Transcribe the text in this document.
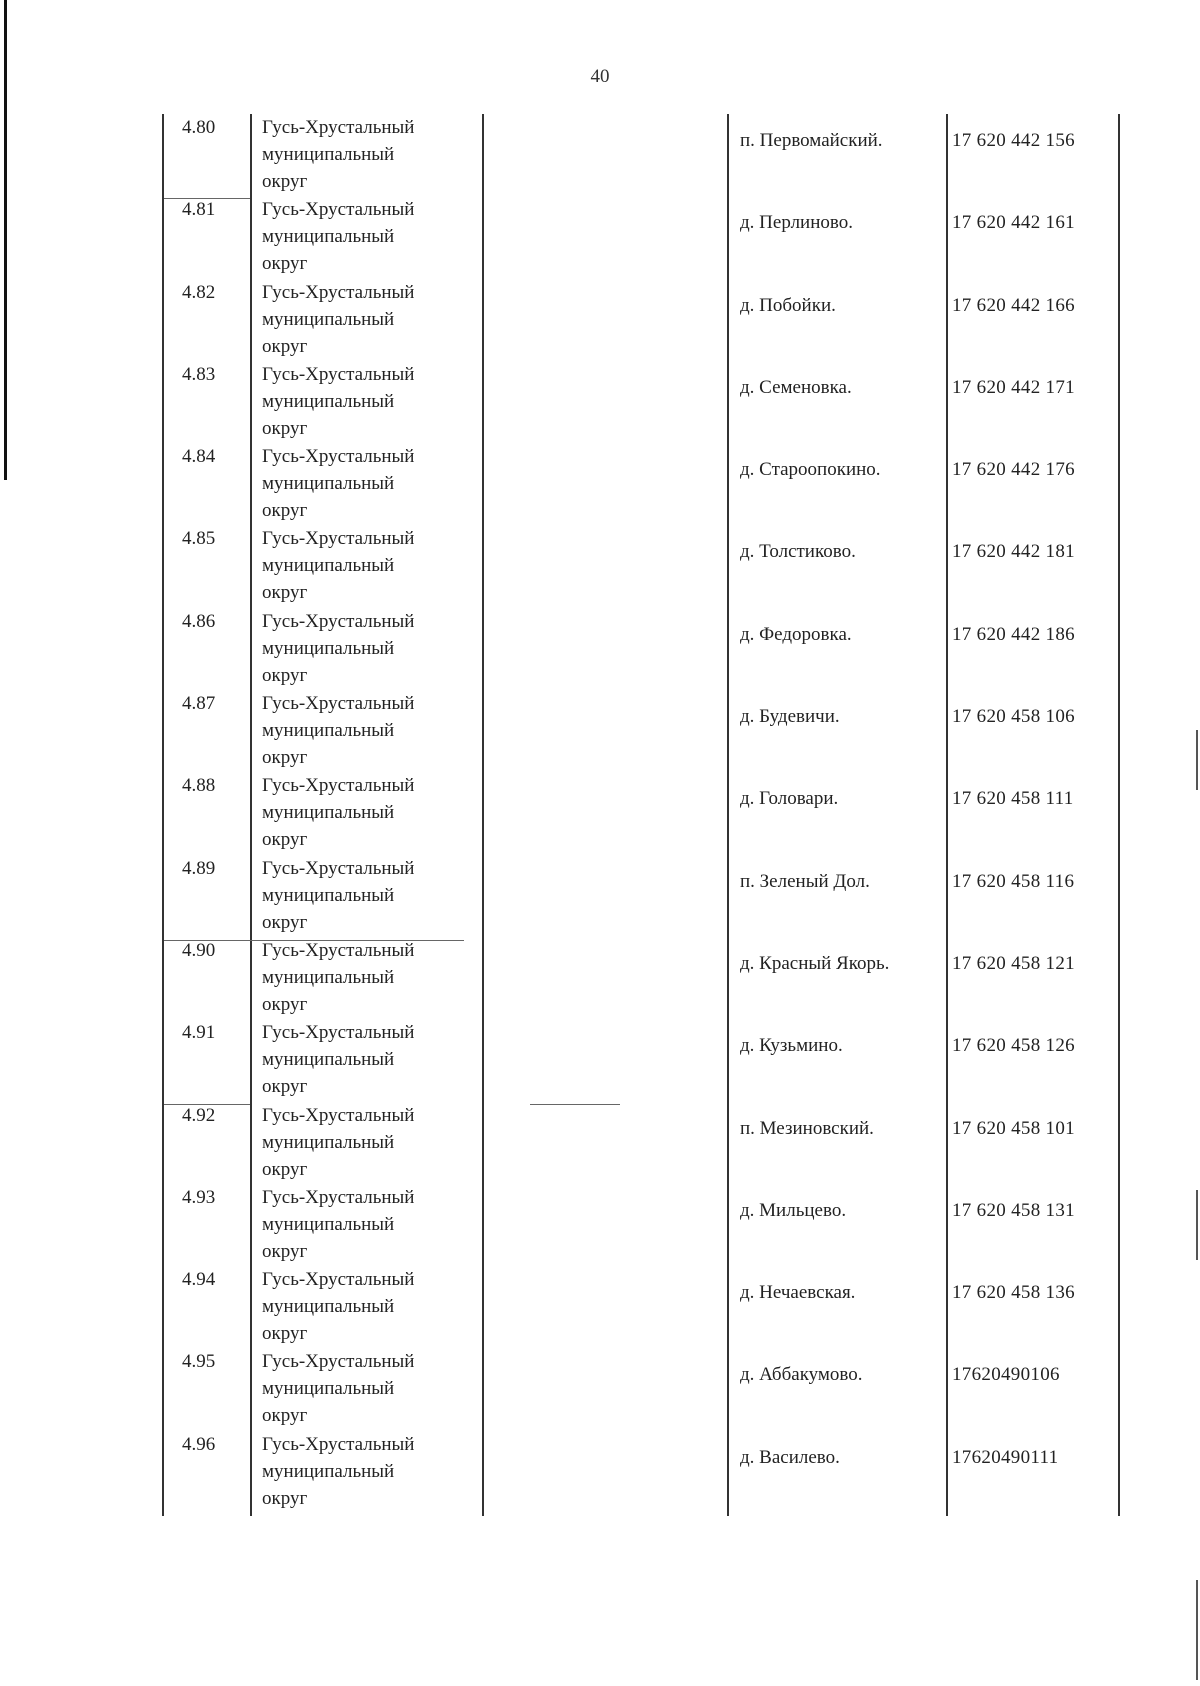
40
4.80	Гусь-Хрустальный
муниципальный
округ
п. Первомайский.	17 620 442 156
4.81	Гусь-Хрустальный
муниципальный
округ
д. Перлиново.	17 620 442 161
4.82	Гусь-Хрустальный
муниципальный
округ
д. Побойки.	17 620 442 166
4.83	Гусь-Хрустальный
муниципальный
округ
д. Семеновка.	17 620 442 171
4.84	Гусь-Хрустальный
муниципальный
округ
д. Староопокино.	17 620 442 176
4.85	Гусь-Хрустальный
муниципальный
округ
д. Толстиково.	17 620 442 181
4.86	Гусь-Хрустальный
муниципальный
округ
д. Федоровка.	17 620 442 186
4.87	Гусь-Хрустальный
муниципальный
округ
д. Будевичи.	17 620 458 106
4.88	Гусь-Хрустальный
муниципальный
округ
д. Головари.	17 620 458 111
4.89	Гусь-Хрустальный
муниципальный
округ
п. Зеленый Дол.	17 620 458 116
4.90	Гусь-Хрустальный
муниципальный
округ
д. Красный Якорь.	17 620 458 121
4.91	Гусь-Хрустальный
муниципальный
округ
д. Кузьмино.	17 620 458 126
4.92	Гусь-Хрустальный
муниципальный
округ
п. Мезиновский.	17 620 458 101
4.93	Гусь-Хрустальный
муниципальный
округ
д. Мильцево.	17 620 458 131
4.94	Гусь-Хрустальный
муниципальный
округ
д. Нечаевская.	17 620 458 136
4.95	Гусь-Хрустальный
муниципальный
округ
д. Аббакумово.	17620490106
4.96	Гусь-Хрустальный
муниципальный
округ
д. Василево.	17620490111
